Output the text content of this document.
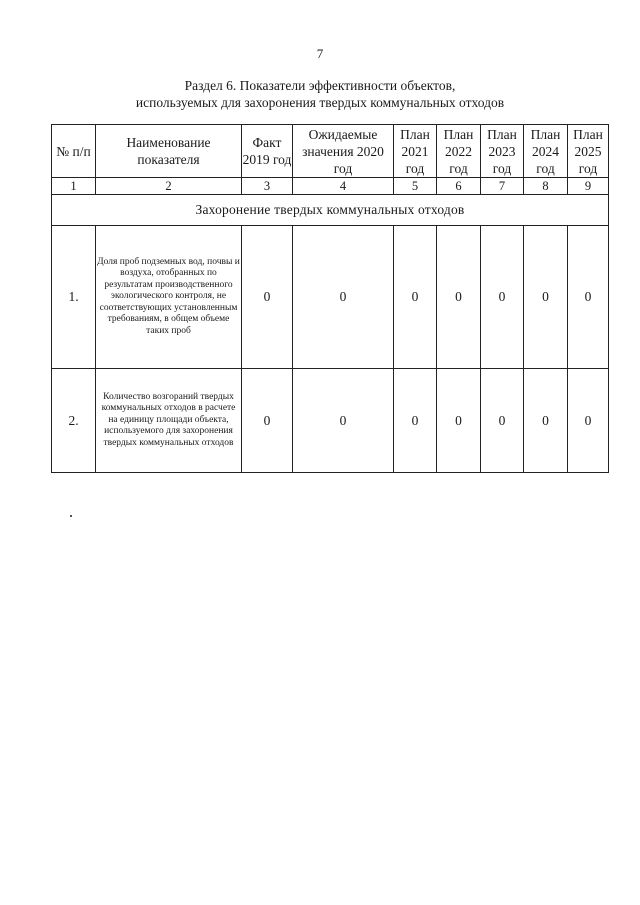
7
Раздел 6. Показатели эффективности объектов,
используемых для захоронения твердых коммунальных отходов
№ п/п	Наименование показателя	Факт 2019 год	Ожидаемые значения 2020 год	План 2021 год	План 2022 год	План 2023 год	План 2024 год	План 2025 год
1	2	3	4	5	6	7	8	9
Захоронение твердых коммунальных отходов								
1.	Доля проб подземных вод, почвы и воздуха, отобранных по результатам производственного экологического контроля, не соответствующих установленным требованиям, в общем объеме таких проб	0	0	0	0	0	0	0
2.	Количество возгораний твердых коммунальных отходов в расчете на единицу площади объекта, используемого для захоронения твердых коммунальных отходов	0	0	0	0	0	0	0
